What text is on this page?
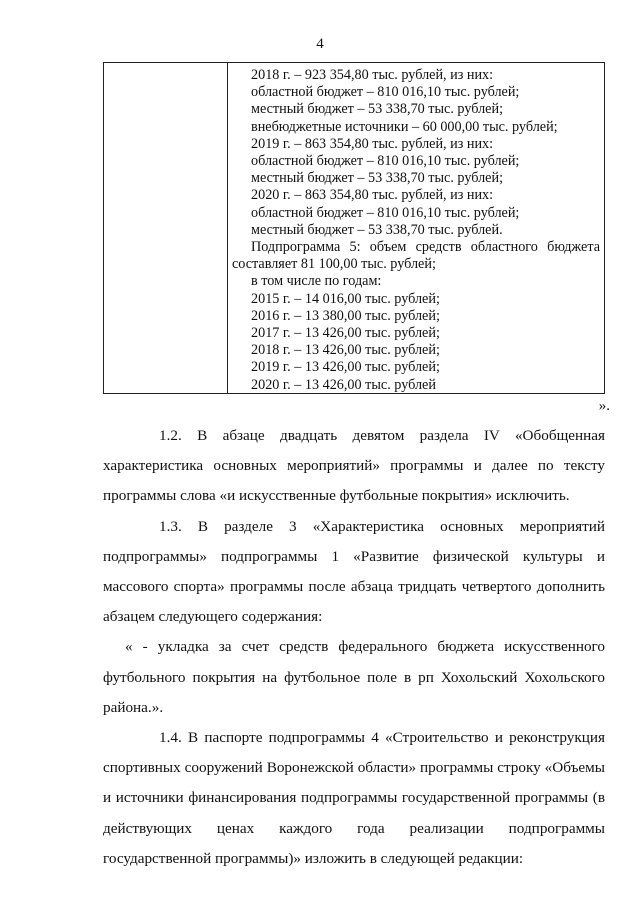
4
2018 г. – 923 354,80 тыс. рублей, из них:
областной бюджет – 810 016,10 тыс. рублей;
местный бюджет – 53 338,70 тыс. рублей;
внебюджетные источники – 60 000,00 тыс. рублей;
2019 г. – 863 354,80 тыс. рублей, из них:
областной бюджет – 810 016,10 тыс. рублей;
местный бюджет – 53 338,70 тыс. рублей;
2020 г. – 863 354,80 тыс. рублей, из них:
областной бюджет – 810 016,10 тыс. рублей;
местный бюджет – 53 338,70 тыс. рублей.
Подпрограмма 5: объем средств областного бюджета
составляет 81 100,00 тыс. рублей;
в том числе по годам:
2015 г. – 14 016,00 тыс. рублей;
2016 г. – 13 380,00 тыс. рублей;
2017 г. – 13 426,00 тыс. рублей;
2018 г. – 13 426,00 тыс. рублей;
2019 г. – 13 426,00 тыс. рублей;
2020 г. – 13 426,00 тыс. рублей
».
1.2. В абзаце двадцать девятом раздела IV «Обобщенная
характеристика основных мероприятий» программы и далее по тексту
программы слова «и искусственные футбольные покрытия» исключить.
1.3. В разделе 3 «Характеристика основных мероприятий
подпрограммы» подпрограммы 1 «Развитие физической культуры и
массового спорта» программы после абзаца тридцать четвертого дополнить
абзацем следующего содержания:
« - укладка за счет средств федерального бюджета искусственного
футбольного покрытия на футбольное поле в рп Хохольский Хохольского
района.».
1.4. В паспорте подпрограммы 4 «Строительство и реконструкция
спортивных сооружений Воронежской области» программы строку «Объемы
и источники финансирования подпрограммы государственной программы (в
действующих ценах каждого года реализации подпрограммы
государственной программы)» изложить в следующей редакции:
